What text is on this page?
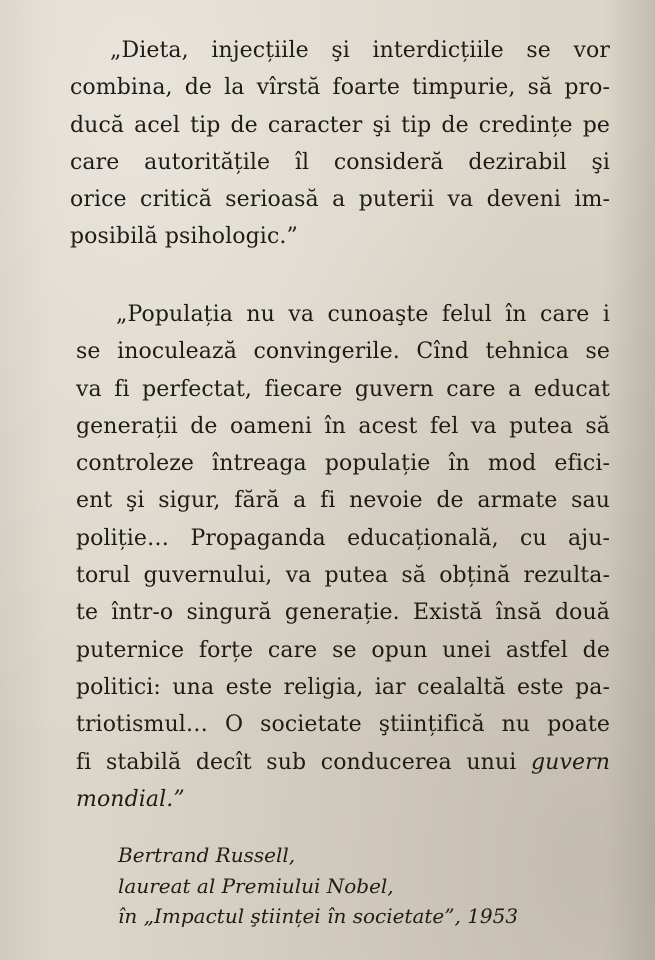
„Dieta, injecțiile şi interdicțiile se vor
combina, de la vîrstă foarte timpurie, să pro-
ducă acel tip de caracter şi tip de credințe pe
care autoritățile îl consideră dezirabil şi
orice critică serioasă a puterii va deveni im-
posibilă psihologic.”
„Populația nu va cunoaşte felul în care i
se inoculează convingerile. Cînd tehnica se
va fi perfectat, fiecare guvern care a educat
generații de oameni în acest fel va putea să
controleze întreaga populație în mod efici-
ent şi sigur, fără a fi nevoie de armate sau
poliție… Propaganda educațională, cu aju-
torul guvernului, va putea să obțină rezulta-
te într-o singură generație. Există însă două
puternice forțe care se opun unei astfel de
politici: una este religia, iar cealaltă este pa-
triotismul… O societate ştiințifică nu poate
fi stabilă decît sub conducerea unui guvern
mondial.”
Bertrand Russell,
laureat al Premiului Nobel,
în „Impactul ştiinței în societate”, 1953
